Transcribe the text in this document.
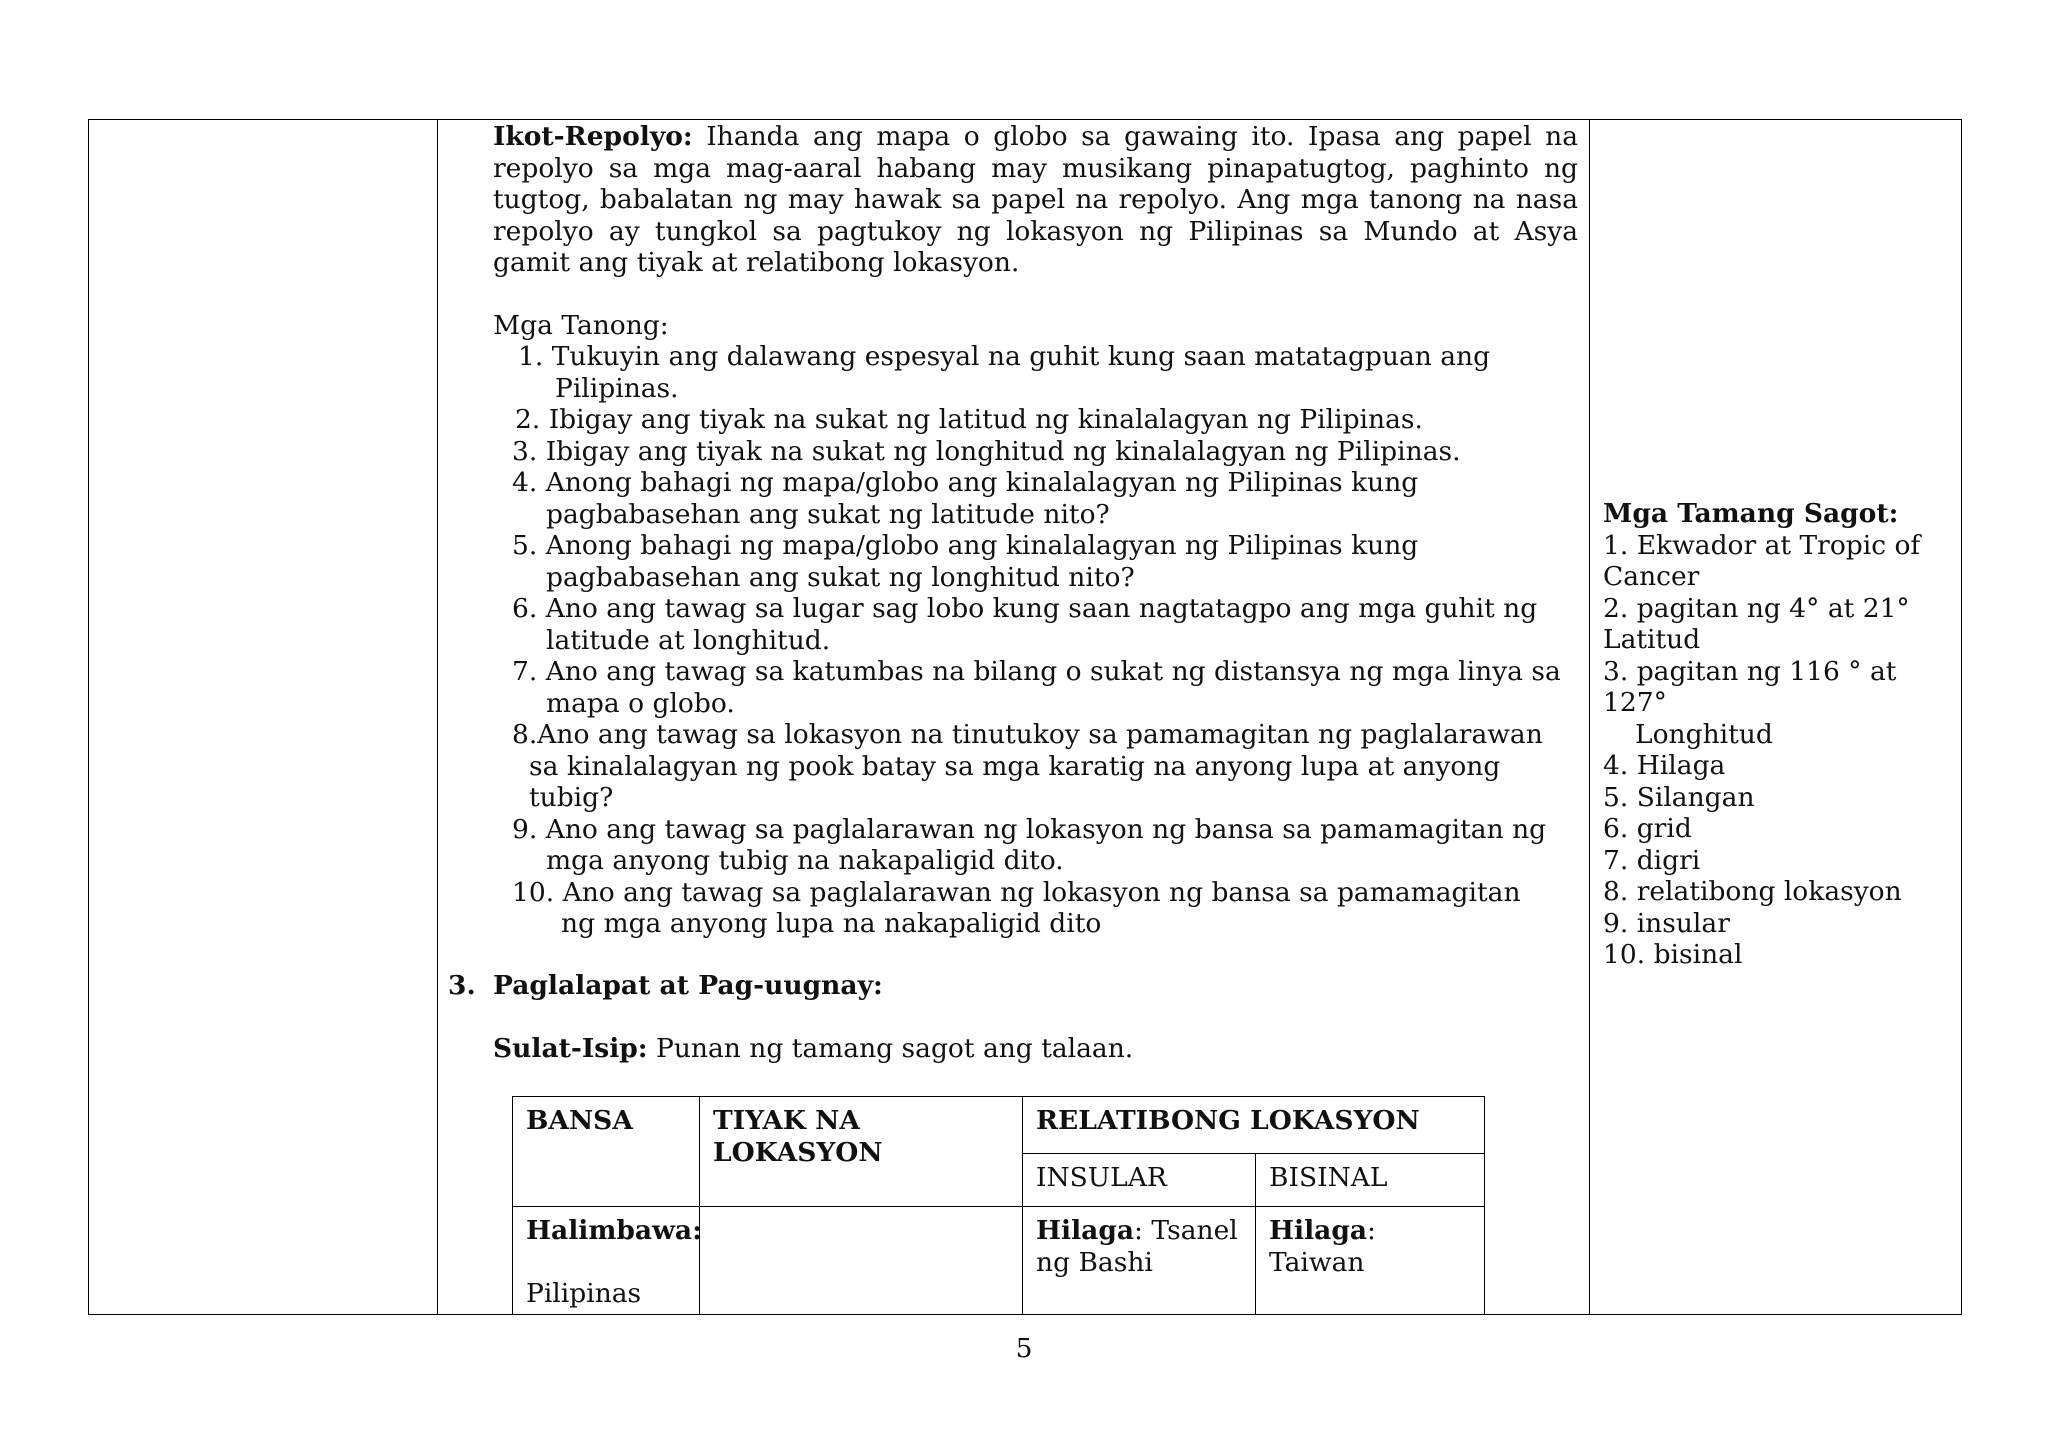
Ikot-Repolyo: Ihanda ang mapa o globo sa gawaing ito. Ipasa ang papel na repolyo sa mga mag-aaral habang may musikang pinapatugtog, paghinto ng tugtog, babalatan ng may hawak sa papel na repolyo. Ang mga tanong na nasa repolyo ay tungkol sa pagtukoy ng lokasyon ng Pilipinas sa Mundo at Asya gamit ang tiyak at relatibong lokasyon.

Mga Tanong:

1. Tukuyin ang dalawang espesyal na guhit kung saan matatagpuan ang

Pilipinas.

2. Ibigay ang tiyak na sukat ng latitud ng kinalalagyan ng Pilipinas.

3. Ibigay ang tiyak na sukat ng longhitud ng kinalalagyan ng Pilipinas.

4. Anong bahagi ng mapa/globo ang kinalalagyan ng Pilipinas kung

pagbabasehan ang sukat ng latitude nito?

5. Anong bahagi ng mapa/globo ang kinalalagyan ng Pilipinas kung

pagbabasehan ang sukat ng longhitud nito?

6. Ano ang tawag sa lugar sag lobo kung saan nagtatagpo ang mga guhit ng

latitude at longhitud.

7. Ano ang tawag sa katumbas na bilang o sukat ng distansya ng mga linya sa

mapa o globo.

8.Ano ang tawag sa lokasyon na tinutukoy sa pamamagitan ng paglalarawan

sa kinalalagyan ng pook batay sa mga karatig na anyong lupa at anyong

tubig?

9. Ano ang tawag sa paglalarawan ng lokasyon ng bansa sa pamamagitan ng

mga anyong tubig na nakapaligid dito.

10. Ano ang tawag sa paglalarawan ng lokasyon ng bansa sa pamamagitan

ng mga anyong lupa na nakapaligid dito

3. Paglalapat at Pag-uugnay:

Sulat-Isip: Punan ng tamang sagot ang talaan.

BANSA	TIYAK NA LOKASYON	RELATIBONG LOKASYON	
		INSULAR	BISINAL
Halimbawa:

Pilipinas		Hilaga: Tsanel ng Bashi	Hilaga: Taiwan

Mga Tamang Sagot:

1. Ekwador at Tropic of Cancer

2. pagitan ng 4° at 21° Latitud

3. pagitan ng 116 ° at 127°

Longhitud

4. Hilaga

5. Silangan

6. grid

7. digri

8. relatibong lokasyon

9. insular

10. bisinal

5
